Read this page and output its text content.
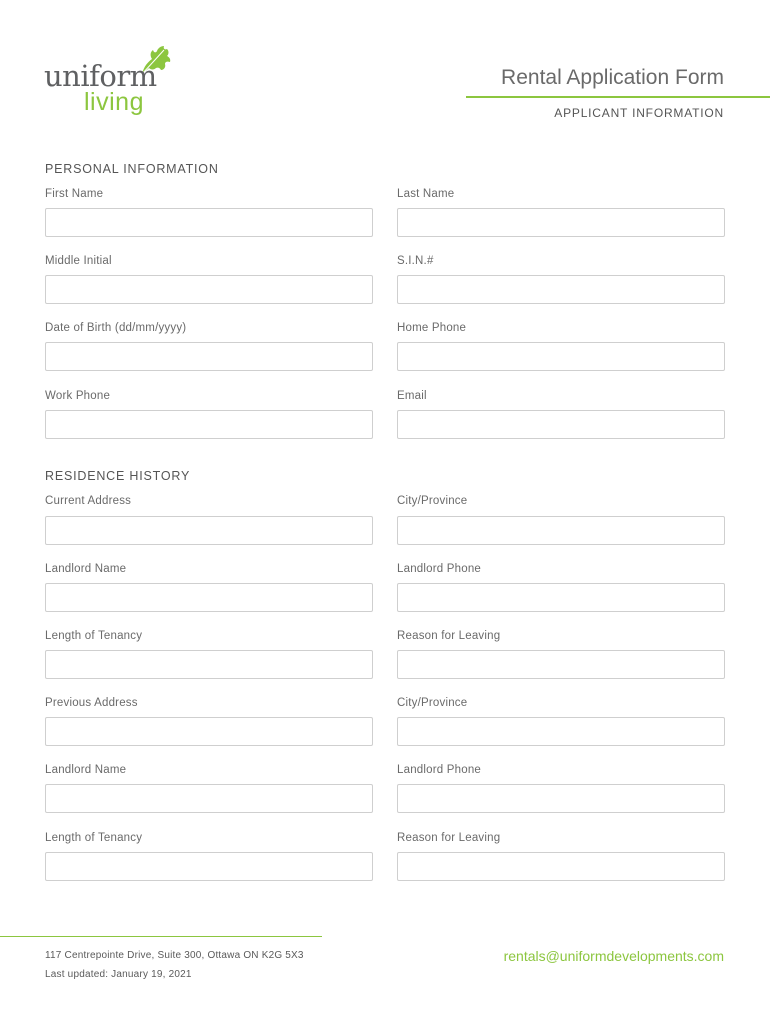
uniform
living
Rental Application Form
APPLICANT INFORMATION
PERSONAL INFORMATION
First Name	Last Name
Middle Initial	S.I.N.#
Date of Birth (dd/mm/yyyy)	Home Phone
Work Phone	Email
RESIDENCE HISTORY
Current Address	City/Province
Landlord Name	Landlord Phone
Length of Tenancy	Reason for Leaving
Previous Address	City/Province
Landlord Name	Landlord Phone
Length of Tenancy	Reason for Leaving
117 Centrepointe Drive, Suite 300, Ottawa ON K2G 5X3
Last updated: January 19, 2021
rentals@uniformdevelopments.com
